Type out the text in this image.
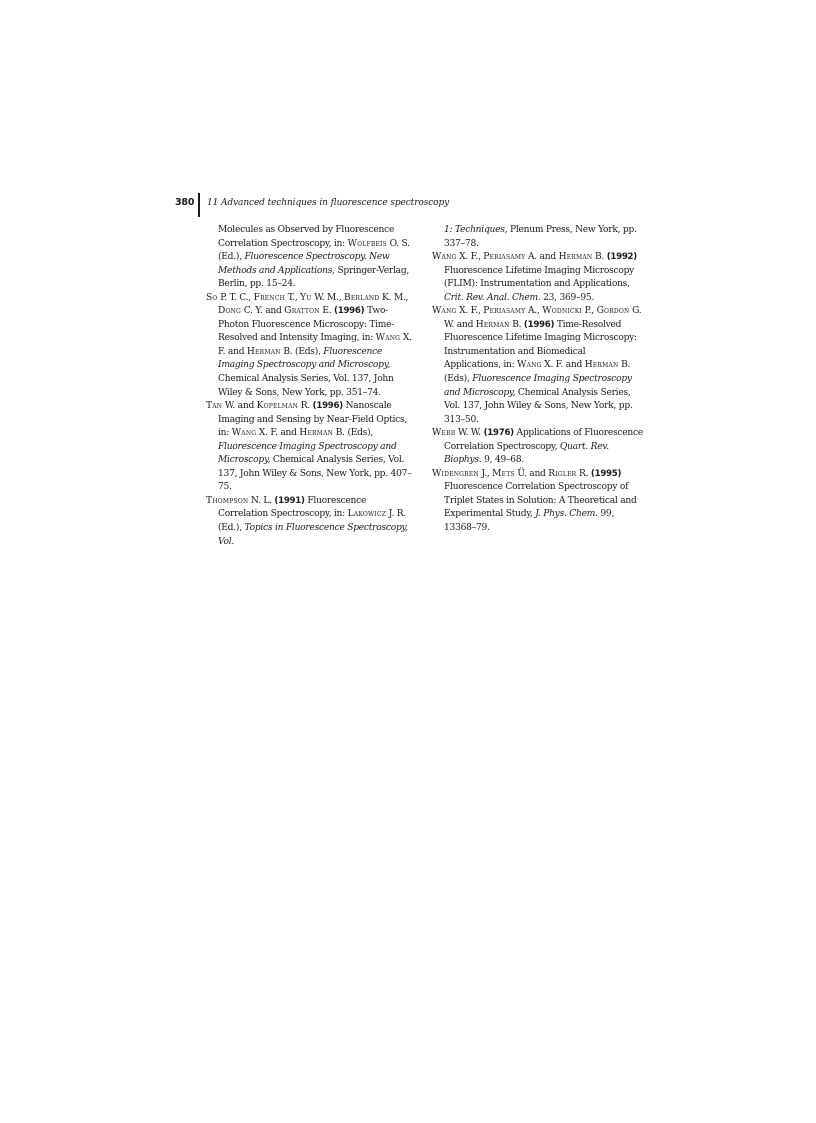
380 11 Advanced techniques in fluorescence spectroscopy
Molecules as Observed by Fluorescence Correlation Spectroscopy, in: Wolfbeis O. S. (Ed.), Fluorescence Spectroscopy. New Methods and Applications, Springer-Verlag, Berlin, pp. 15–24.
So P. T. C., French T., Yu W. M., Berland K. M., Dong C. Y. and Gratton E. (1996) Two-Photon Fluorescence Microscopy: Time-Resolved and Intensity Imaging, in: Wang X. F. and Herman B. (Eds), Fluorescence Imaging Spectroscopy and Microscopy, Chemical Analysis Series, Vol. 137, John Wiley & Sons, New York, pp. 351–74.
Tan W. and Kopelman R. (1996) Nanoscale Imaging and Sensing by Near-Field Optics, in: Wang X. F. and Herman B. (Eds), Fluorescence Imaging Spectroscopy and Microscopy, Chemical Analysis Series, Vol. 137, John Wiley & Sons, New York, pp. 407–75.
Thompson N. L. (1991) Fluorescence Correlation Spectroscopy, in: Lakowicz J. R. (Ed.), Topics in Fluorescence Spectroscopy, Vol.
1: Techniques, Plenum Press, New York, pp. 337–78.
Wang X. F., Periasamy A. and Herman B. (1992) Fluorescence Lifetime Imaging Microscopy (FLIM): Instrumentation and Applications, Crit. Rev. Anal. Chem. 23, 369–95.
Wang X. F., Periasamy A., Wodnicki P., Gordon G. W. and Herman B. (1996) Time-Resolved Fluorescence Lifetime Imaging Microscopy: Instrumentation and Biomedical Applications, in: Wang X. F. and Herman B. (Eds), Fluorescence Imaging Spectroscopy and Microscopy, Chemical Analysis Series, Vol. 137, John Wiley & Sons, New York, pp. 313–50.
Webb W. W. (1976) Applications of Fluorescence Correlation Spectroscopy, Quart. Rev. Biophys. 9, 49–68.
Widengren J., Mets Ü. and Rigler R. (1995) Fluorescence Correlation Spectroscopy of Triplet States in Solution: A Theoretical and Experimental Study, J. Phys. Chem. 99, 13368–79.
